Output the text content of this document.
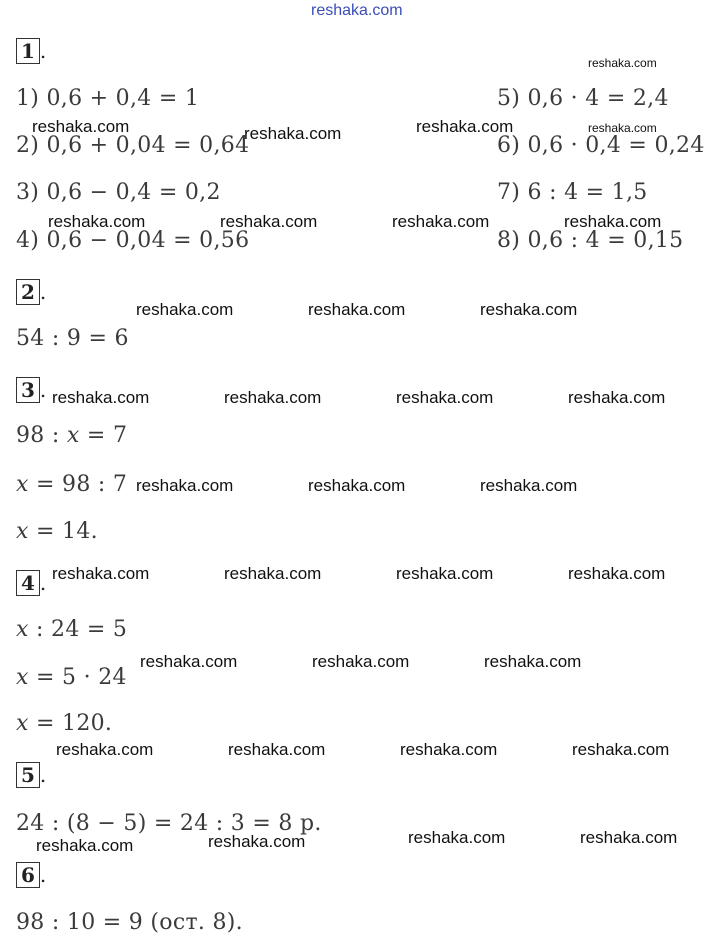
reshaka.com
1 .
1) 0,6 + 0,4 = 1
2) 0,6 + 0,04 = 0,64
3) 0,6 − 0,4 = 0,2
4) 0,6 − 0,04 = 0,56
5) 0,6 · 4 = 2,4
6) 0,6 · 0,4 = 0,24
7) 6 : 4 = 1,5
8) 0,6 : 4 = 0,15
2 .
54 : 9 = 6
3 .
98 : x = 7
x = 98 : 7
x = 14.
4 .
x : 24 = 5
x = 5 · 24
x = 120.
5 .
24 : (8 − 5) = 24 : 3 = 8 р.
6 .
98 : 10 = 9 (ост. 8).
reshaka.com
reshaka.com	reshaka.com	reshaka.com	reshaka.com
reshaka.com	reshaka.com	reshaka.com	reshaka.com
reshaka.com	reshaka.com	reshaka.com
reshaka.com	reshaka.com	reshaka.com	reshaka.com
reshaka.com	reshaka.com	reshaka.com
reshaka.com	reshaka.com	reshaka.com	reshaka.com
reshaka.com	reshaka.com	reshaka.com
reshaka.com	reshaka.com	reshaka.com	reshaka.com
reshaka.com	reshaka.com	reshaka.com	reshaka.com
